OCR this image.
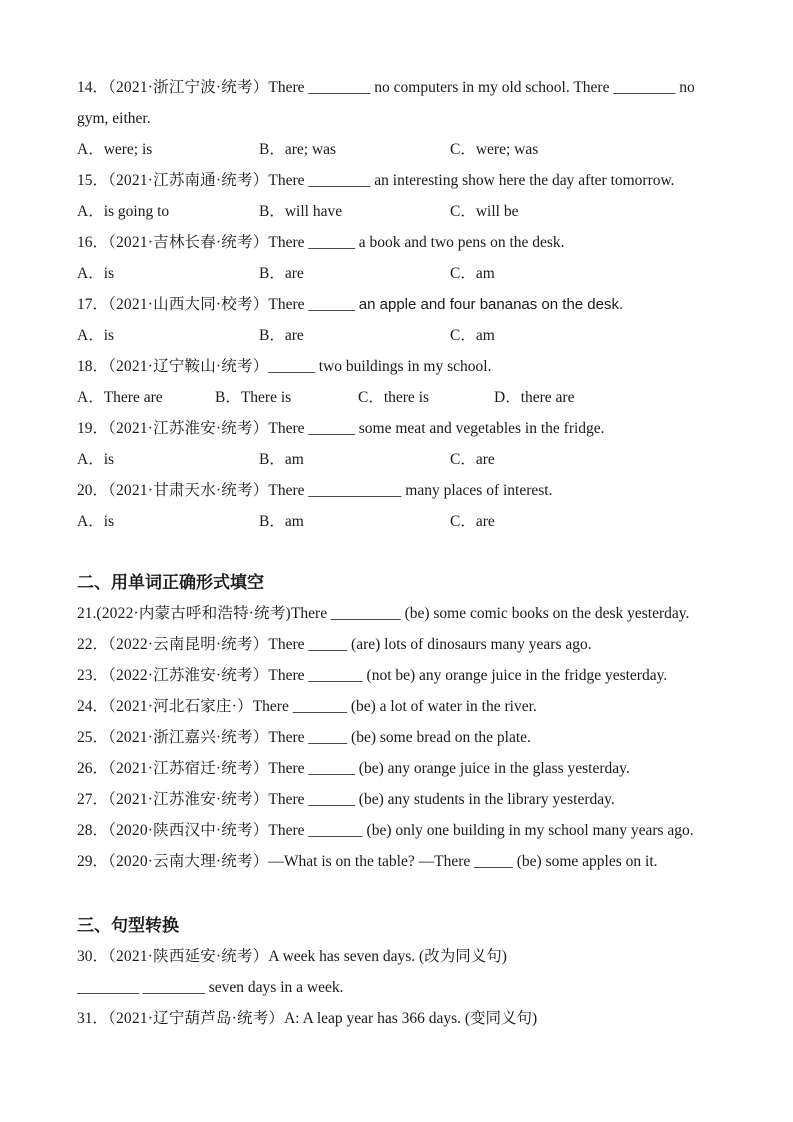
14．（2021·浙江宁波·统考）There ________ no computers in my old school. There ________ no
gym, either.

A．were; is	B．are; was	C．were; was

15．（2021·江苏南通·统考）There ________ an interesting show here the day after tomorrow.

A．is going to	B．will have	C．will be

16．（2021·吉林长春·统考）There ______ a book and two pens on the desk.

A．is	B．are	C．am

17．（2021·山西大同·校考）There ______ an apple and four bananas on the desk.

A．is	B．are	C．am

18．（2021·辽宁鞍山·统考）______ two buildings in my school.

A．There are	B．There is	C．there is	D．there are

19．（2021·江苏淮安·统考）There ______ some meat and vegetables in the fridge.

A．is	B．am	C．are

20．（2021·甘肃天水·统考）There ____________ many places of interest.

A．is	B．am	C．are

二、用单词正确形式填空

21.(2022·内蒙古呼和浩特·统考)There _________ (be) some comic books on the desk yesterday.

22．（2022·云南昆明·统考）There _____ (are) lots of dinosaurs many years ago.

23．（2022·江苏淮安·统考）There _______ (not be) any orange juice in the fridge yesterday.

24．（2021·河北石家庄·）There _______ (be) a lot of water in the river.

25．（2021·浙江嘉兴·统考）There _____ (be) some bread on the plate.

26．（2021·江苏宿迁·统考）There ______ (be) any orange juice in the glass yesterday.

27．（2021·江苏淮安·统考）There ______ (be) any students in the library yesterday.

28．（2020·陕西汉中·统考）There _______ (be) only one building in my school many years ago.

29．（2020·云南大理·统考）—What is on the table? —There _____ (be) some apples on it.

三、句型转换

30．（2021·陕西延安·统考）A week has seven days. (改为同义句)
________ ________ seven days in a week.

31．（2021·辽宁葫芦岛·统考）A: A leap year has 366 days. (变同义句)
